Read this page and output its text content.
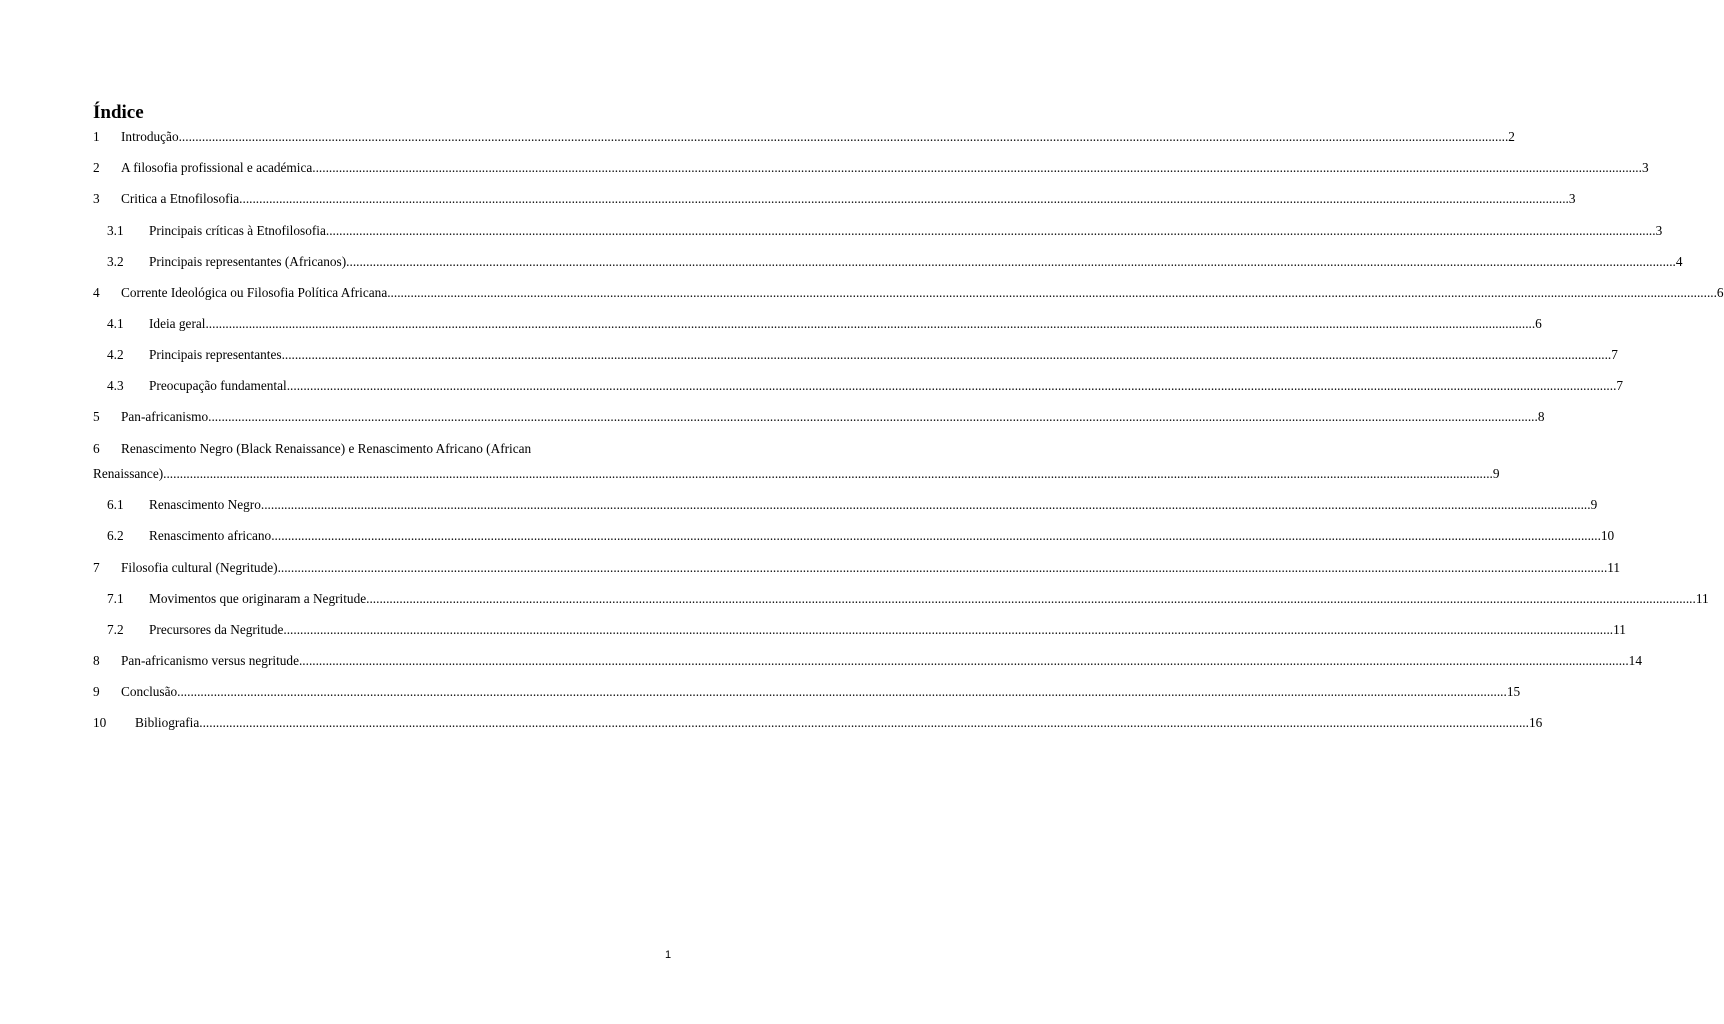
Índice
1 Introdução ................................................................................................................................................................................................................................................................................................................................................................................................................ 2
2 A filosofia profissional e académica ................................................................................................................................................................................................................................................................................................................................................................................................................ 3
3 Critica a Etnofilosofia ................................................................................................................................................................................................................................................................................................................................................................................................................ 3
3.1 Principais críticas à Etnofilosofia ................................................................................................................................................................................................................................................................................................................................................................................................................ 3
3.2 Principais representantes (Africanos) ................................................................................................................................................................................................................................................................................................................................................................................................................ 4
4 Corrente Ideológica ou Filosofia Política Africana ................................................................................................................................................................................................................................................................................................................................................................................................................ 6
4.1 Ideia geral ................................................................................................................................................................................................................................................................................................................................................................................................................ 6
4.2 Principais representantes ................................................................................................................................................................................................................................................................................................................................................................................................................ 7
4.3 Preocupação fundamental ................................................................................................................................................................................................................................................................................................................................................................................................................ 7
5 Pan-africanismo ................................................................................................................................................................................................................................................................................................................................................................................................................ 8
6 Renascimento Negro (Black Renaissance) e Renascimento Africano (African
Renaissance) ................................................................................................................................................................................................................................................................................................................................................................................................................ 9
6.1 Renascimento Negro ................................................................................................................................................................................................................................................................................................................................................................................................................ 9
6.2 Renascimento africano ................................................................................................................................................................................................................................................................................................................................................................................................................ 10
7 Filosofia cultural (Negritude) ................................................................................................................................................................................................................................................................................................................................................................................................................ 11
7.1 Movimentos que originaram a Negritude ................................................................................................................................................................................................................................................................................................................................................................................................................ 11
7.2 Precursores da Negritude ................................................................................................................................................................................................................................................................................................................................................................................................................ 11
8 Pan-africanismo versus negritude ................................................................................................................................................................................................................................................................................................................................................................................................................ 14
9 Conclusão ................................................................................................................................................................................................................................................................................................................................................................................................................ 15
10 Bibliografia ................................................................................................................................................................................................................................................................................................................................................................................................................ 16
1
